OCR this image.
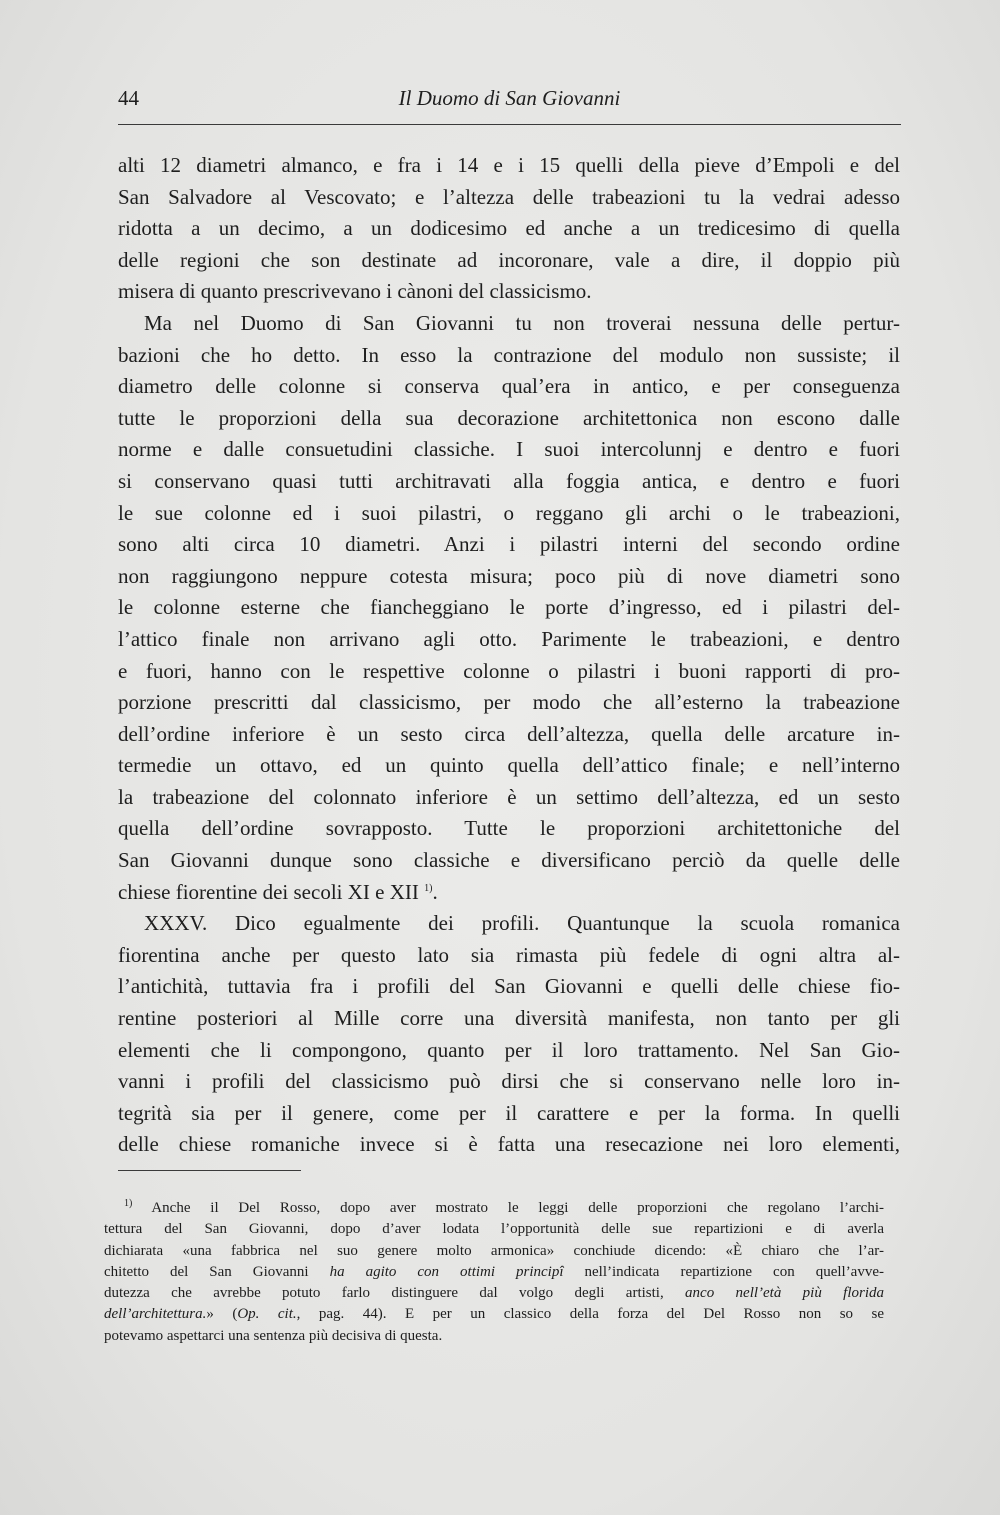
44	Il Duomo di San Giovanni
alti 12 diametri almanco, e fra i 14 e i 15 quelli della pieve d’Empoli e del
San Salvadore al Vescovato; e l’altezza delle trabeazioni tu la vedrai adesso
ridotta a un decimo, a un dodicesimo ed anche a un tredicesimo di quella
delle regioni che son destinate ad incoronare, vale a dire, il doppio più
misera di quanto prescrivevano i cànoni del classicismo.
Ma nel Duomo di San Giovanni tu non troverai nessuna delle pertur-
bazioni che ho detto. In esso la contrazione del modulo non sussiste; il
diametro delle colonne si conserva qual’era in antico, e per conseguenza
tutte le proporzioni della sua decorazione architettonica non escono dalle
norme e dalle consuetudini classiche. I suoi intercolunnj e dentro e fuori
si conservano quasi tutti architravati alla foggia antica, e dentro e fuori
le sue colonne ed i suoi pilastri, o reggano gli archi o le trabeazioni,
sono alti circa 10 diametri. Anzi i pilastri interni del secondo ordine
non raggiungono neppure cotesta misura; poco più di nove diametri sono
le colonne esterne che fiancheggiano le porte d’ingresso, ed i pilastri del-
l’attico finale non arrivano agli otto. Parimente le trabeazioni, e dentro
e fuori, hanno con le respettive colonne o pilastri i buoni rapporti di pro-
porzione prescritti dal classicismo, per modo che all’esterno la trabeazione
dell’ordine inferiore è un sesto circa dell’altezza, quella delle arcature in-
termedie un ottavo, ed un quinto quella dell’attico finale; e nell’interno
la trabeazione del colonnato inferiore è un settimo dell’altezza, ed un sesto
quella dell’ordine sovrapposto. Tutte le proporzioni architettoniche del
San Giovanni dunque sono classiche e diversificano perciò da quelle delle
chiese fiorentine dei secoli XI e XII $^{1)}$.
XXXV. Dico egualmente dei profili. Quantunque la scuola romanica
fiorentina anche per questo lato sia rimasta più fedele di ogni altra al-
l’antichità, tuttavia fra i profili del San Giovanni e quelli delle chiese fio-
rentine posteriori al Mille corre una diversità manifesta, non tanto per gli
elementi che li compongono, quanto per il loro trattamento. Nel San Gio-
vanni i profili del classicismo può dirsi che si conservano nelle loro in-
tegrità sia per il genere, come per il carattere e per la forma. In quelli
delle chiese romaniche invece si è fatta una resecazione nei loro elementi,
$^{1)}$ Anche il Del Rosso, dopo aver mostrato le leggi delle proporzioni che regolano l’archi-
tettura del San Giovanni, dopo d’aver lodata l’opportunità delle sue repartizioni e di averla
dichiarata «una fabbrica nel suo genere molto armonica» conchiude dicendo: «È chiaro che l’ar-
chitetto del San Giovanni ha agito con ottimi principî nell’indicata repartizione con quell’avve-
dutezza che avrebbe potuto farlo distinguere dal volgo degli artisti, anco nell’età più florida
dell’architettura.» (Op. cit., pag. 44). E per un classico della forza del Del Rosso non so se
potevamo aspettarci una sentenza più decisiva di questa.
